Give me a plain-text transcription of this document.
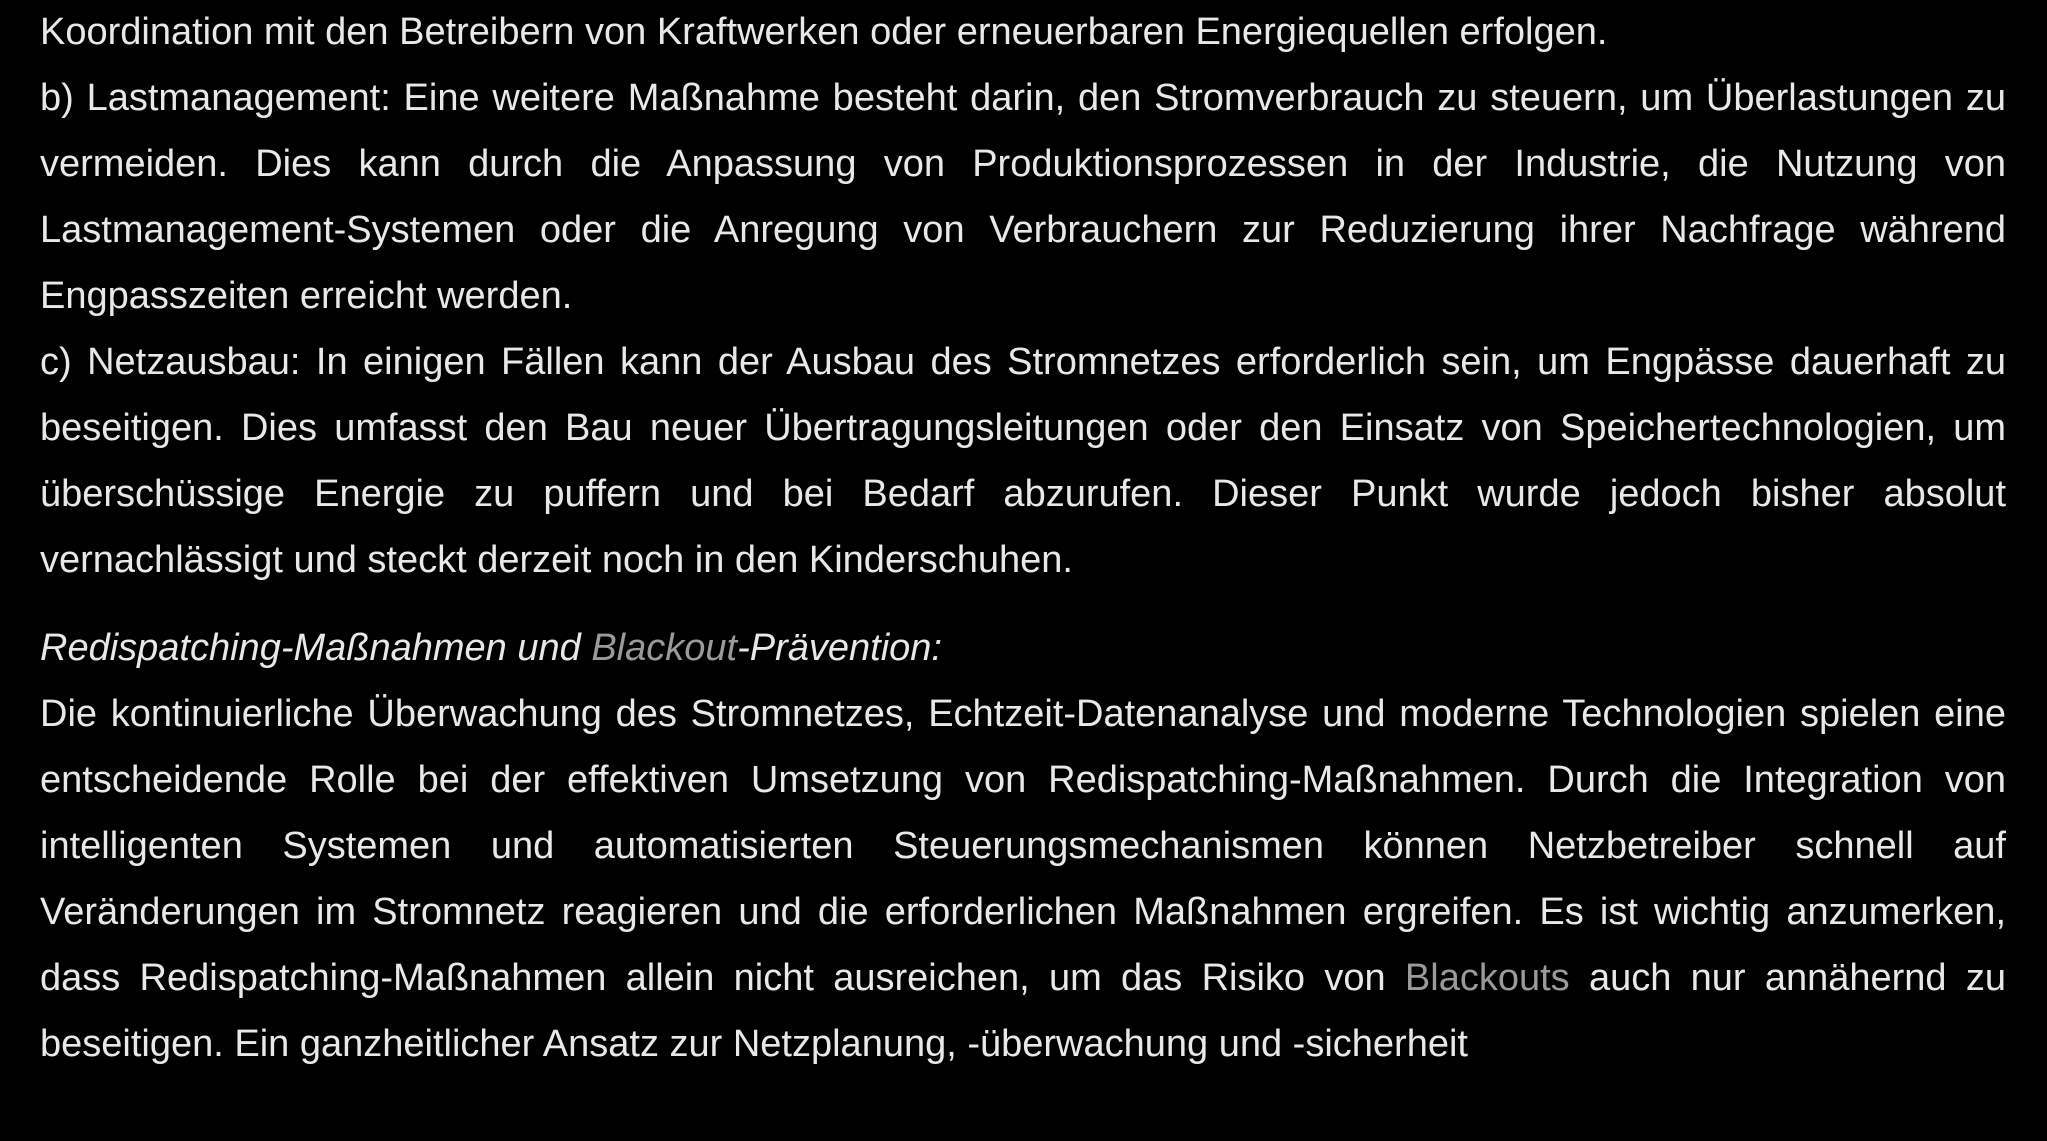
Koordination mit den Betreibern von Kraftwerken oder erneuerbaren Energiequellen erfolgen.

b) Lastmanagement: Eine weitere Maßnahme besteht darin, den Stromverbrauch zu steuern, um Überlastungen zu vermeiden. Dies kann durch die Anpassung von Produktionsprozessen in der Industrie, die Nutzung von Lastmanagement-Systemen oder die Anregung von Verbrauchern zur Reduzierung ihrer Nachfrage während Engpasszeiten erreicht werden.

c) Netzausbau: In einigen Fällen kann der Ausbau des Stromnetzes erforderlich sein, um Engpässe dauerhaft zu beseitigen. Dies umfasst den Bau neuer Übertragungsleitungen oder den Einsatz von Speichertechnologien, um überschüssige Energie zu puffern und bei Bedarf abzurufen. Dieser Punkt wurde jedoch bisher absolut vernachlässigt und steckt derzeit noch in den Kinderschuhen.

Redispatching-Maßnahmen und Blackout-Prävention:

Die kontinuierliche Überwachung des Stromnetzes, Echtzeit-Datenanalyse und moderne Technologien spielen eine entscheidende Rolle bei der effektiven Umsetzung von Redispatching-Maßnahmen. Durch die Integration von intelligenten Systemen und automatisierten Steuerungsmechanismen können Netzbetreiber schnell auf Veränderungen im Stromnetz reagieren und die erforderlichen Maßnahmen ergreifen. Es ist wichtig anzumerken, dass Redispatching-Maßnahmen allein nicht ausreichen, um das Risiko von Blackouts auch nur annähernd zu beseitigen. Ein ganzheitlicher Ansatz zur Netzplanung, -überwachung und -sicherheit
